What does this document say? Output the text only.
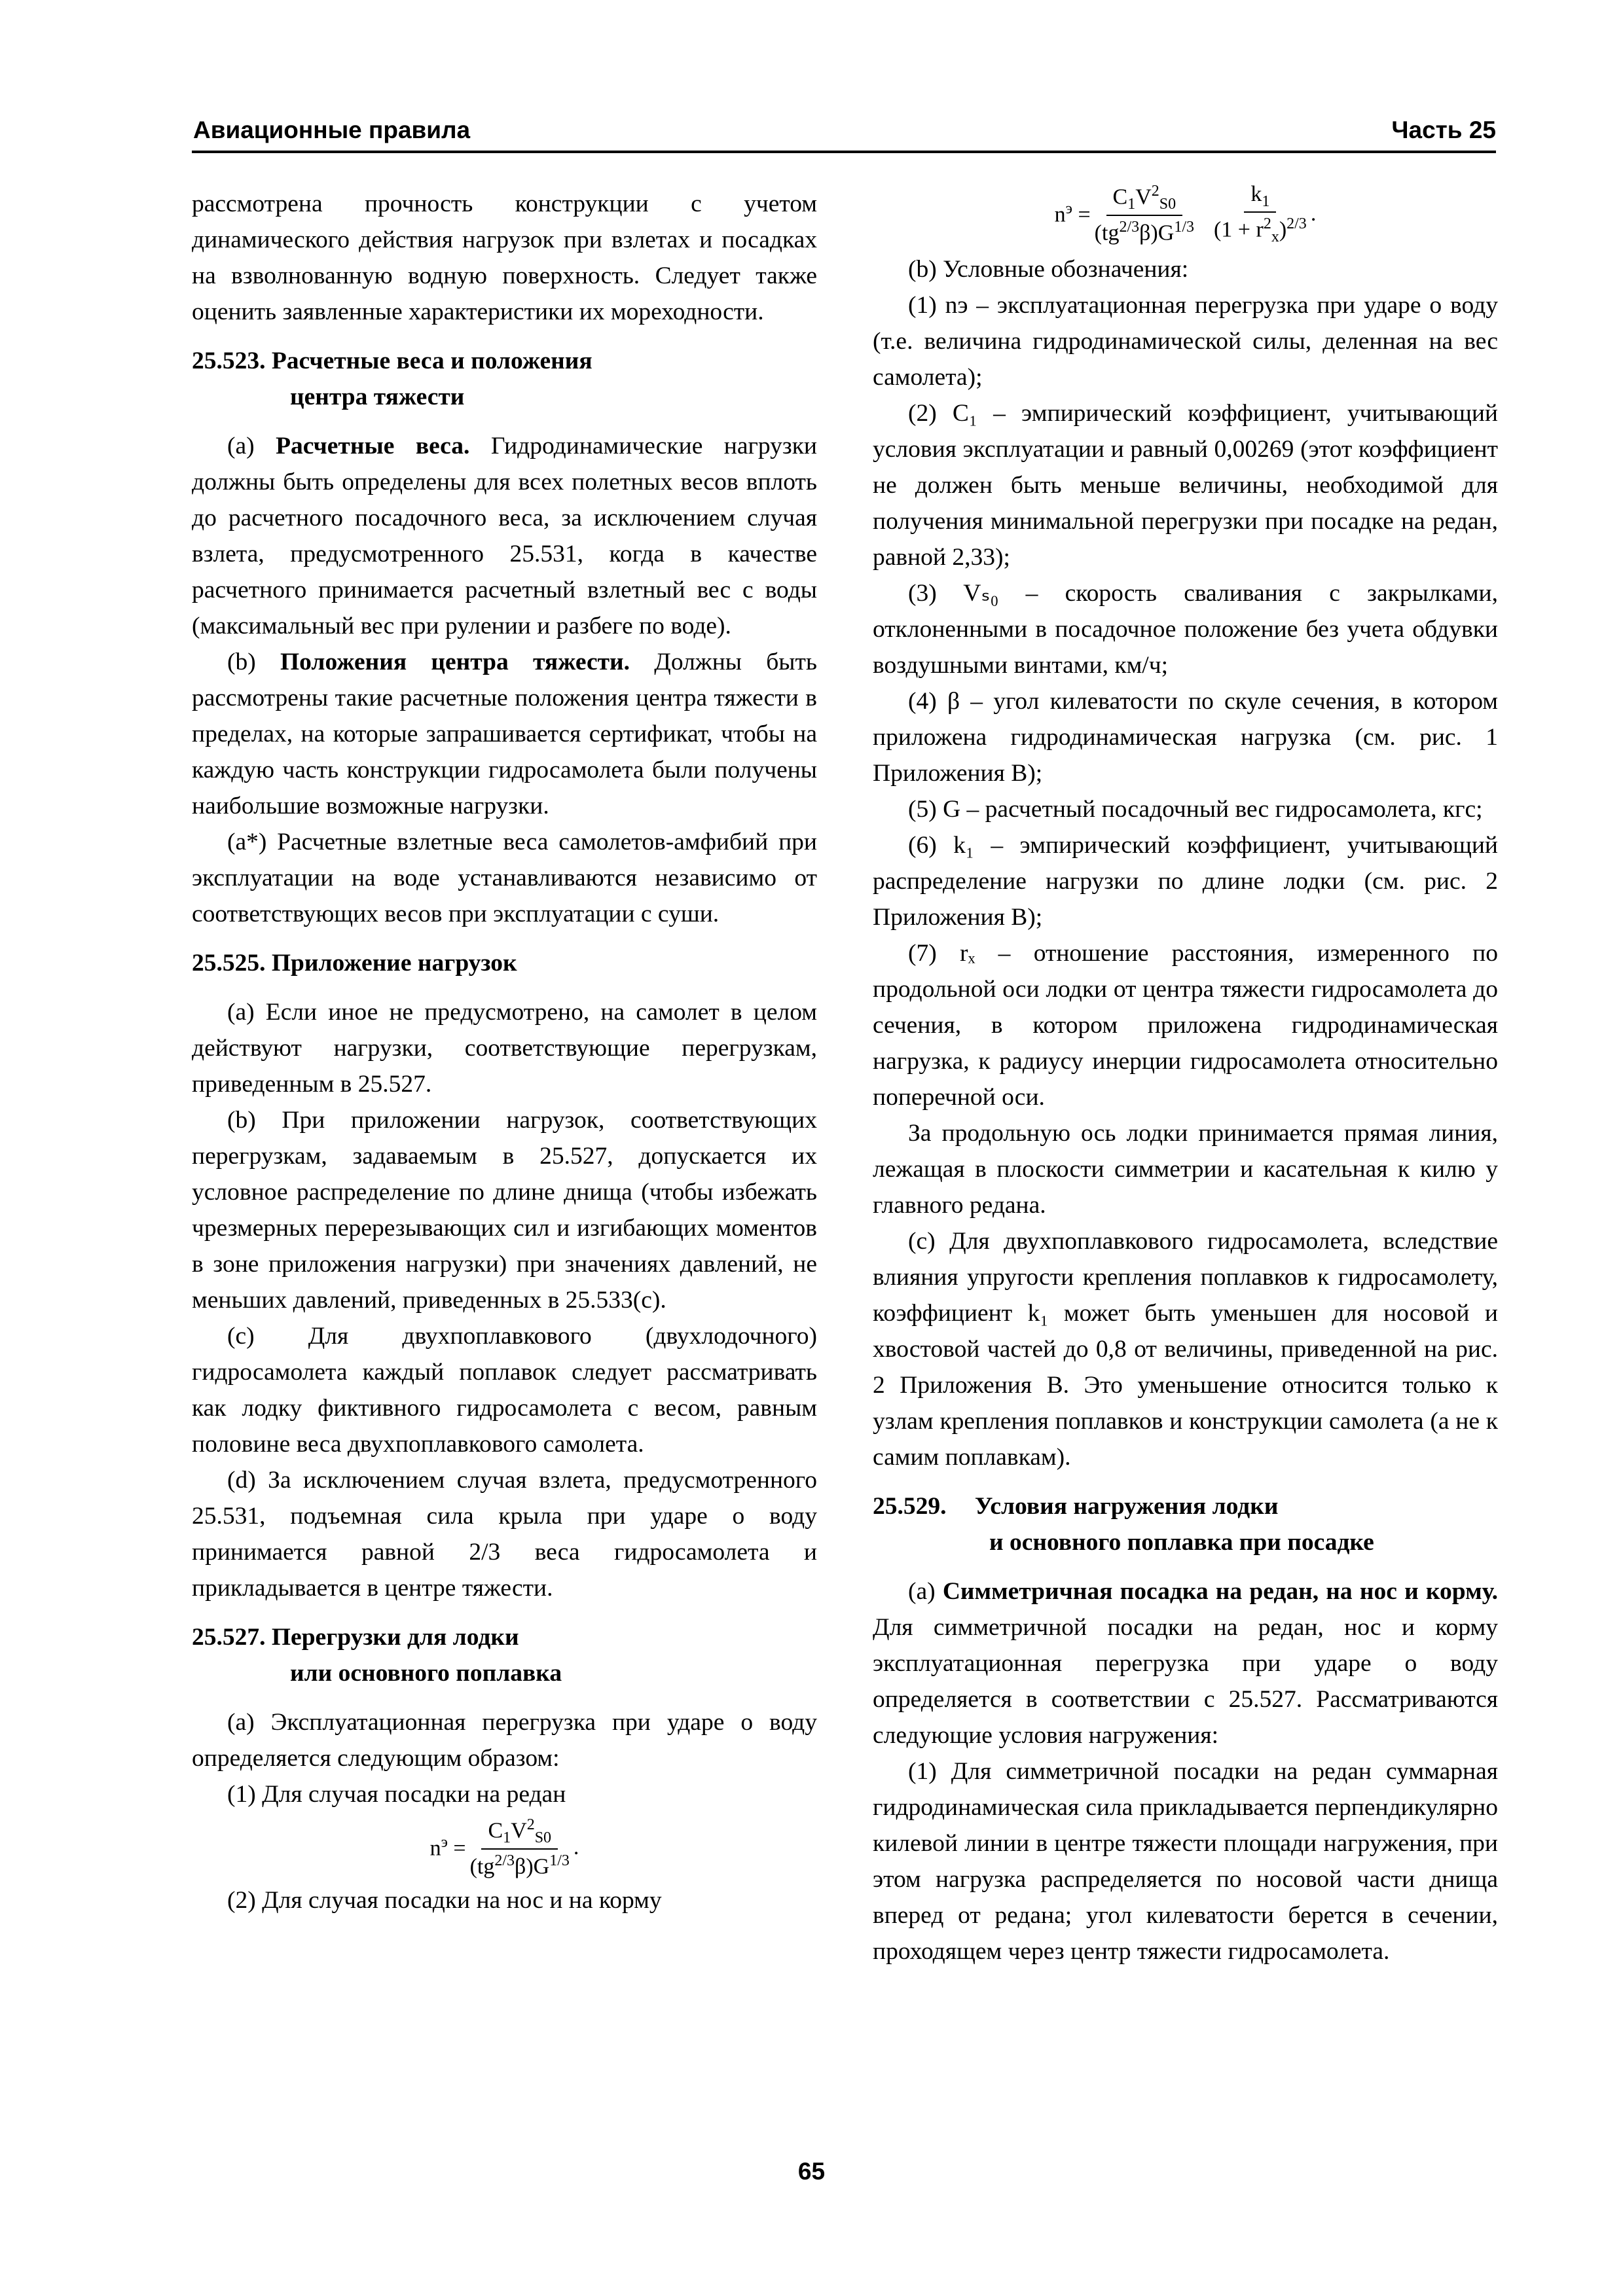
Авиационные правила	Часть 25

рассмотрена прочность конструкции с учетом динамического действия нагрузок при взлетах и посадках на взволнованную водную поверхность. Следует также оценить заявленные характеристики их мореходности.

25.523. Расчетные веса и положения
центра тяжести

(a) Расчетные веса. Гидродинамические нагрузки должны быть определены для всех полетных весов вплоть до расчетного посадочного веса, за исключением случая взлета, предусмотренного 25.531, когда в качестве расчетного принимается расчетный взлетный вес с воды (максимальный вес при рулении и разбеге по воде).

(b) Положения центра тяжести. Должны быть рассмотрены такие расчетные положения центра тяжести в пределах, на которые запрашивается сертификат, чтобы на каждую часть конструкции гидросамолета были получены наибольшие возможные нагрузки.

(a*) Расчетные взлетные веса самолетов-амфибий при эксплуатации на воде устанавливаются независимо от соответствующих весов при эксплуатации с суши.

25.525. Приложение нагрузок

(a) Если иное не предусмотрено, на самолет в целом действуют нагрузки, соответствующие перегрузкам, приведенным в 25.527.

(b) При приложении нагрузок, соответствующих перегрузкам, задаваемым в 25.527, допускается их условное распределение по длине днища (чтобы избежать чрезмерных перерезывающих сил и изгибающих моментов в зоне приложения нагрузки) при значениях давлений, не меньших давлений, приведенных в 25.533(c).

(c) Для двухпоплавкового (двухлодочного) гидросамолета каждый поплавок следует рассматривать как лодку фиктивного гидросамолета с весом, равным половине веса двухпоплавкового самолета.

(d) За исключением случая взлета, предусмотренного 25.531, подъемная сила крыла при ударе о воду принимается равной 2/3 веса гидросамолета и прикладывается в центре тяжести.

25.527. Перегрузки для лодки
или основного поплавка

(a) Эксплуатационная перегрузка при ударе о воду определяется следующим образом:

(1) Для случая посадки на редан

$n^э = \frac{C_1V^2_{S0}}{(tg^{2/3}\beta)G^{1/3}}$ .

(2) Для случая посадки на нос и на корму

$n^э = \frac{C_1V^2_{S0}}{(tg^{2/3}\beta)G^{1/3}} \frac{k_1}{(1 + r^2_x)^{2/3}}$ .

(b) Условные обозначения:

(1) nэ – эксплуатационная перегрузка при ударе о воду (т.е. величина гидродинамической силы, деленная на вес самолета);

(2) C₁ – эмпирический коэффициент, учитывающий условия эксплуатации и равный 0,00269 (этот коэффициент не должен быть меньше величины, необходимой для получения минимальной перегрузки при посадке на редан, равной 2,33);

(3) Vₛ₀ – скорость сваливания с закрылками, отклоненными в посадочное положение без учета обдувки воздушными винтами, км/ч;

(4) β – угол килеватости по скуле сечения, в котором приложена гидродинамическая нагрузка (см. рис. 1 Приложения B);

(5) G – расчетный посадочный вес гидросамолета, кгс;

(6) k₁ – эмпирический коэффициент, учитывающий распределение нагрузки по длине лодки (см. рис. 2 Приложения B);

(7) rₓ – отношение расстояния, измеренного по продольной оси лодки от центра тяжести гидросамолета до сечения, в котором приложена гидродинамическая нагрузка, к радиусу инерции гидросамолета относительно поперечной оси.

За продольную ось лодки принимается прямая линия, лежащая в плоскости симметрии и касательная к килю у главного редана.

(c) Для двухпоплавкового гидросамолета, вследствие влияния упругости крепления поплавков к гидросамолету, коэффициент k₁ может быть уменьшен для носовой и хвостовой частей до 0,8 от величины, приведенной на рис. 2 Приложения B. Это уменьшение относится только к узлам крепления поплавков и конструкции самолета (а не к самим поплавкам).

25.529. Условия нагружения лодки
и основного поплавка при посадке

(a) Симметричная посадка на редан, на нос и корму. Для симметричной посадки на редан, нос и корму эксплуатационная перегрузка при ударе о воду определяется в соответствии с 25.527. Рассматриваются следующие условия нагружения:

(1) Для симметричной посадки на редан суммарная гидродинамическая сила прикладывается перпендикулярно килевой линии в центре тяжести площади нагружения, при этом нагрузка распределяется по носовой части днища вперед от редана; угол килеватости берется в сечении, проходящем через центр тяжести гидросамолета.

65
